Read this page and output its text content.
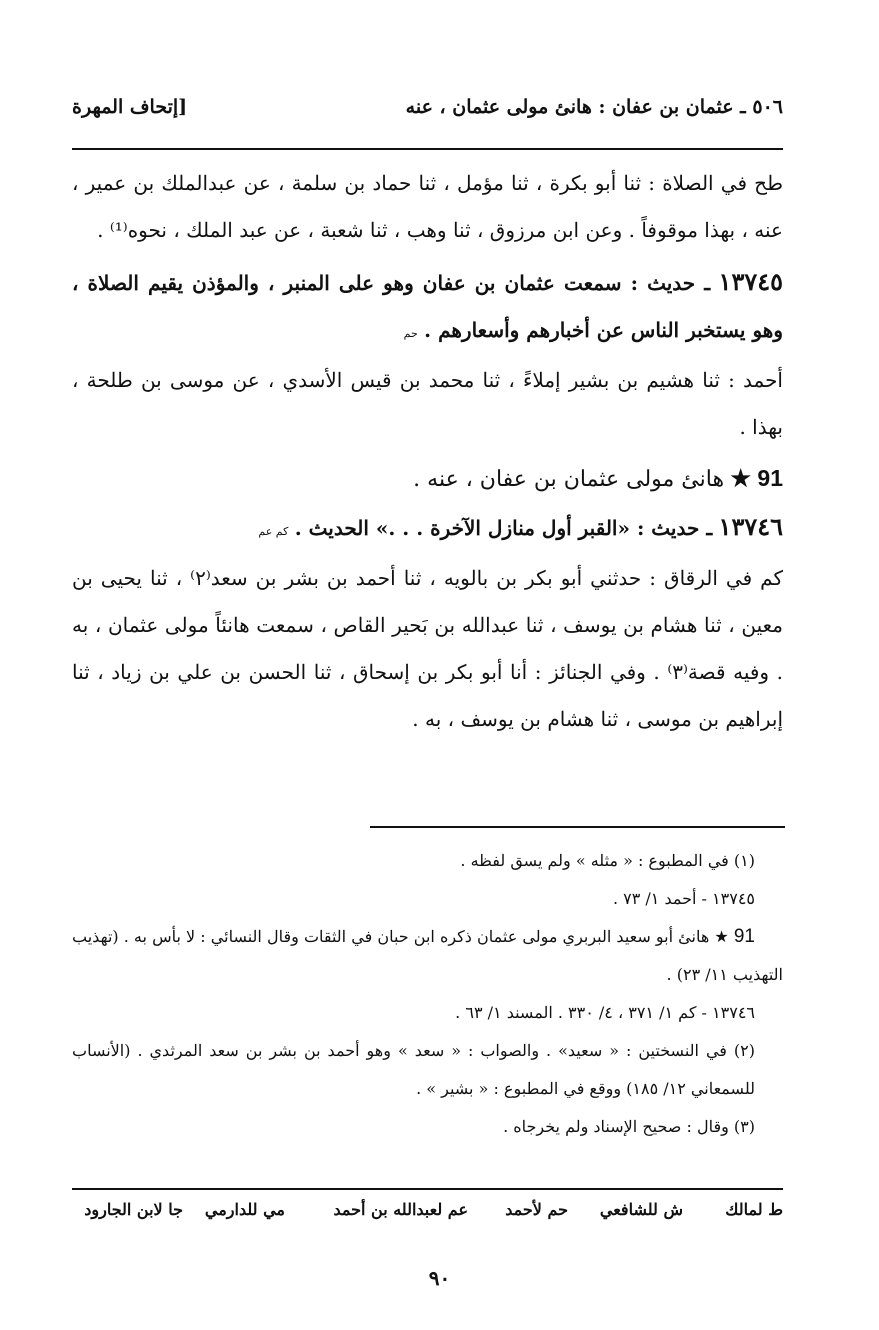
٥٠٦ ـ عثمان بن عفان : هانئ مولى عثمان ، عنه
[إتحاف المهرة

طح في الصلاة : ثنا أبو بكرة ، ثنا مؤمل ، ثنا حماد بن سلمة ، عن عبدالملك بن عمير ، عنه ، بهذا موقوفاً . وعن ابن مرزوق ، ثنا وهب ، ثنا شعبة ، عن عبد الملك ، نحوه⁽¹⁾ .

١٣٧٤٥ ـ حديث : سمعت عثمان بن عفان وهو على المنبر ، والمؤذن يقيم الصلاة ، وهو يستخبر الناس عن أخبارهم وأسعارهم . حم

أحمد : ثنا هشيم بن بشير إملاءً ، ثنا محمد بن قيس الأسدي ، عن موسى بن طلحة ، بهذا .

91 ★ هانئ مولى عثمان بن عفان ، عنه .

١٣٧٤٦ ـ حديث : «القبر أول منازل الآخرة . . .» الحديث . كم عم

كم في الرقاق : حدثني أبو بكر بن بالويه ، ثنا أحمد بن بشر بن سعد⁽٢⁾ ، ثنا يحيى بن معين ، ثنا هشام بن يوسف ، ثنا عبدالله بن بَحير القاص ، سمعت هانئاً مولى عثمان ، به . وفيه قصة⁽٣⁾ . وفي الجنائز : أنا أبو بكر بن إسحاق ، ثنا الحسن بن علي بن زياد ، ثنا إبراهيم بن موسى ، ثنا هشام بن يوسف ، به .

(١) في المطبوع : « مثله » ولم يسق لفظه .

١٣٧٤٥ - أحمد ١/ ٧٣ .

91 ★ هانئ أبو سعيد البربري مولى عثمان ذكره ابن حبان في الثقات وقال النسائي : لا بأس به . (تهذيب التهذيب ١١/ ٢٣) .

١٣٧٤٦ - كم ١/ ٣٧١ ، ٤/ ٣٣٠ . المسند ١/ ٦٣ .

(٢) في النسختين : « سعيد» . والصواب : « سعد » وهو أحمد بن بشر بن سعد المرثدي . (الأنساب للسمعاني ١٢/ ١٨٥) ووقع في المطبوع : « بشير » .

(٣) وقال : صحيح الإسناد ولم يخرجاه .

ط لمالك
ش للشافعي
حم لأحمد
عم لعبدالله بن أحمد
مي للدارمي
جا لابن الجارود
٩٠
